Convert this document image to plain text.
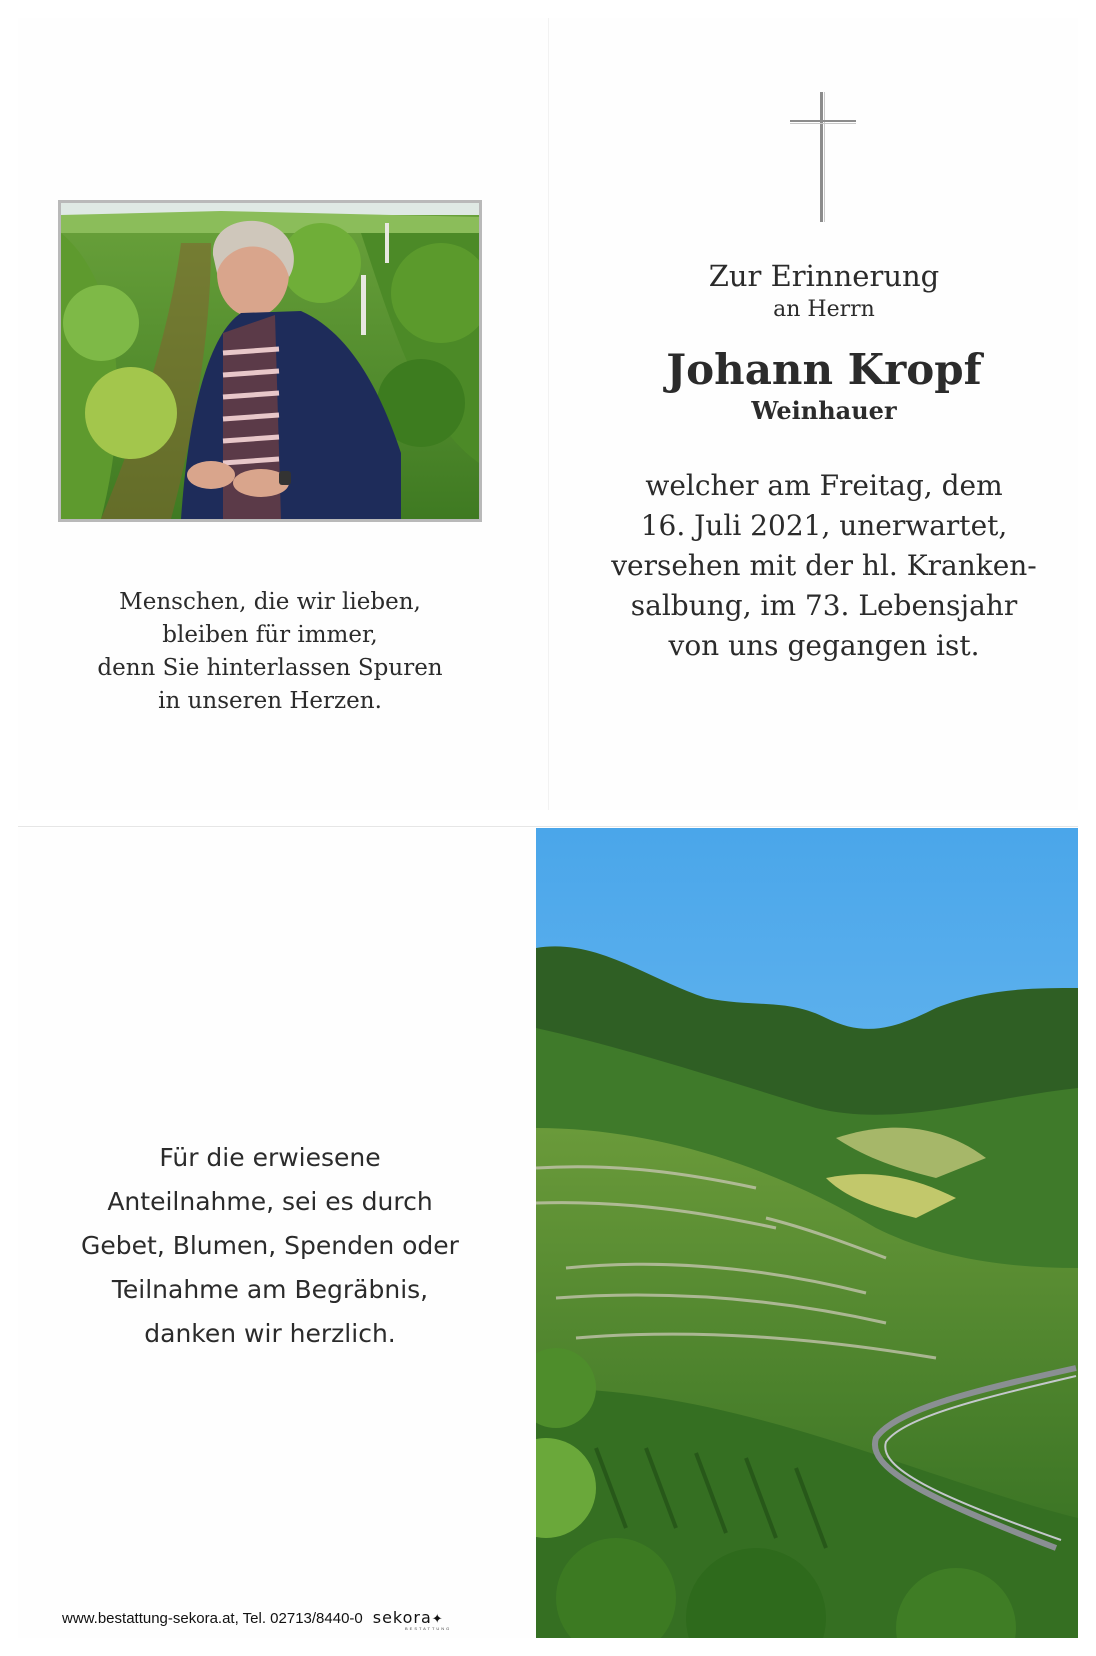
Menschen, die wir lieben,
bleiben für immer,
denn Sie hinterlassen Spuren
in unseren Herzen.
Zur Erinnerung
an Herrn
Johann Kropf
Weinhauer
welcher am Freitag, dem
16. Juli 2021, unerwartet,
versehen mit der hl. Kranken-
salbung, im 73. Lebensjahr
von uns gegangen ist.
Für die erwiesene
Anteilnahme, sei es durch
Gebet, Blumen, Spenden oder
Teilnahme am Begräbnis,
danken wir herzlich.
www.bestattung-sekora.at, Tel. 02713/8440-0 sekora✦
BESTATTUNG
